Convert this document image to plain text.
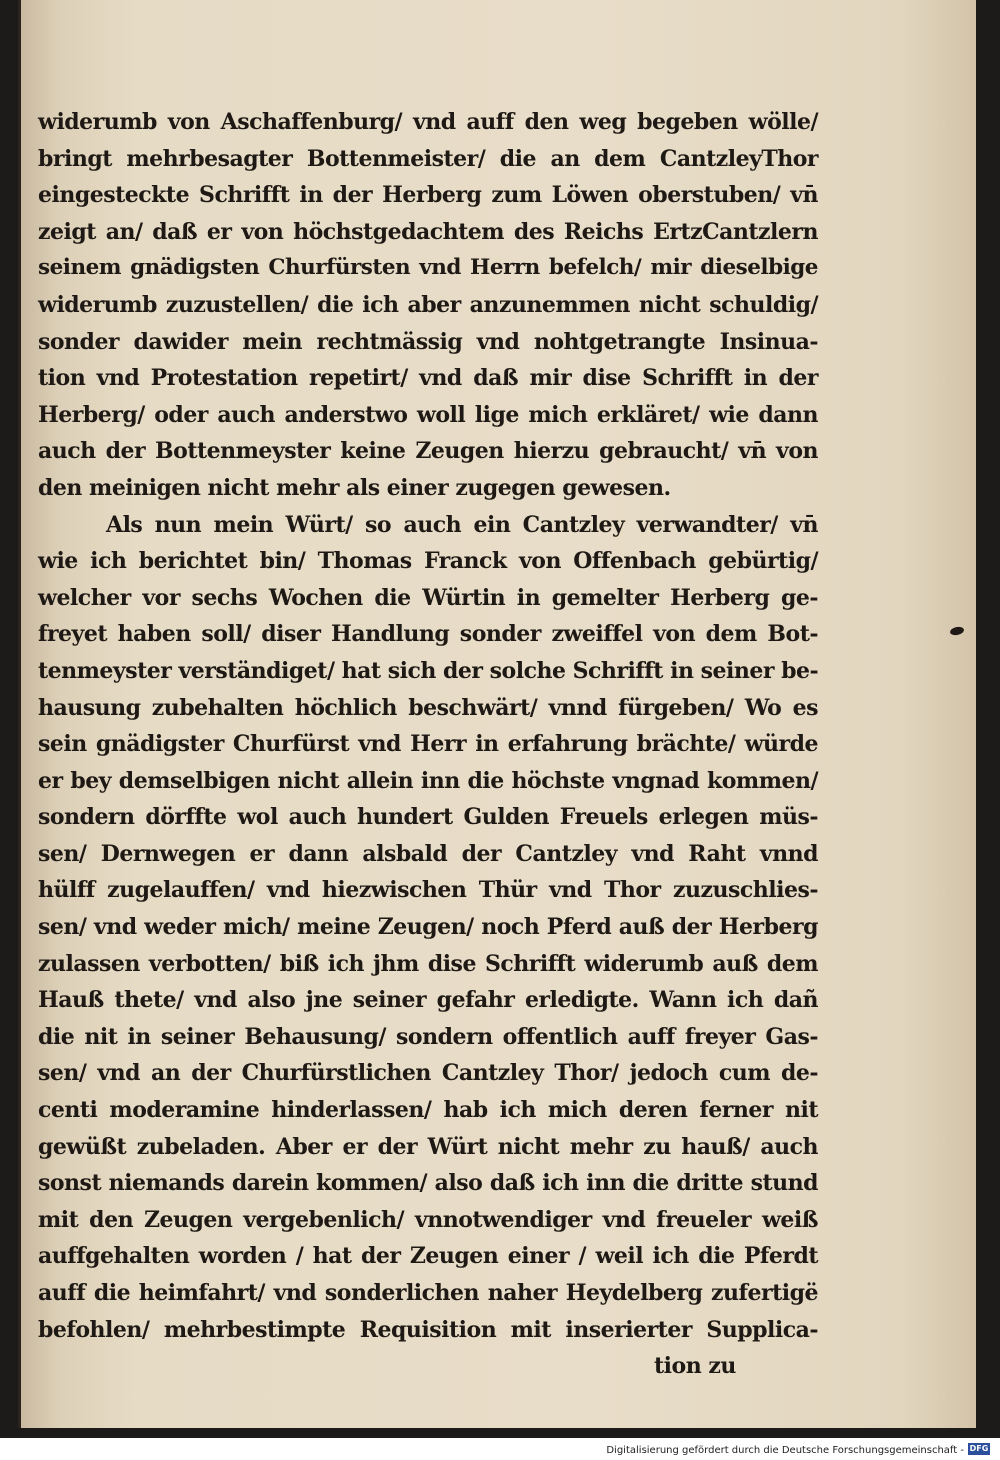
widerumb von Aschaffenburg/ vnd auff den weg begeben wölle/
bringt mehrbesagter Bottenmeister/ die an dem CantzleyThor
eingesteckte Schrifft in der Herberg zum Löwen oberstuben/ vn̄
zeigt an/ daß er von höchstgedachtem des Reichs ErtzCantzlern
seinem gnädigsten Churfürsten vnd Herrn befelch/ mir dieselbige
widerumb zuzustellen/ die ich aber anzunemmen nicht schuldig/
sonder dawider mein rechtmässig vnd nohtgetrangte Insinua-
tion vnd Protestation repetirt/ vnd daß mir dise Schrifft in der
Herberg/ oder auch anderstwo woll lige mich erkläret/ wie dann
auch der Bottenmeyster keine Zeugen hierzu gebraucht/ vn̄ von
den meinigen nicht mehr als einer zugegen gewesen.
Als nun mein Würt/ so auch ein Cantzley verwandter/ vn̄
wie ich berichtet bin/ Thomas Franck von Offenbach gebürtig/
welcher vor sechs Wochen die Würtin in gemelter Herberg ge-
freyet haben soll/ diser Handlung sonder zweiffel von dem Bot-
tenmeyster verständiget/ hat sich der solche Schrifft in seiner be-
hausung zubehalten höchlich beschwärt/ vnnd fürgeben/ Wo es
sein gnädigster Churfürst vnd Herr in erfahrung brächte/ würde
er bey demselbigen nicht allein inn die höchste vngnad kommen/
sondern dörffte wol auch hundert Gulden Freuels erlegen müs-
sen/ Dernwegen er dann alsbald der Cantzley vnd Raht vnnd
hülff zugelauffen/ vnd hiezwischen Thür vnd Thor zuzuschlies-
sen/ vnd weder mich/ meine Zeugen/ noch Pferd auß der Herberg
zulassen verbotten/ biß ich jhm dise Schrifft widerumb auß dem
Hauß thete/ vnd also jne seiner gefahr erledigte. Wann ich dañ
die nit in seiner Behausung/ sondern offentlich auff freyer Gas-
sen/ vnd an der Churfürstlichen Cantzley Thor/ jedoch cum de-
centi moderamine hinderlassen/ hab ich mich deren ferner nit
gewüßt zubeladen. Aber er der Würt nicht mehr zu hauß/ auch
sonst niemands darein kommen/ also daß ich inn die dritte stund
mit den Zeugen vergebenlich/ vnnotwendiger vnd freueler weiß
auffgehalten worden / hat der Zeugen einer / weil ich die Pferdt
auff die heimfahrt/ vnd sonderlichen naher Heydelberg zufertigë
befohlen/ mehrbestimpte Requisition mit inserierter Supplica-
tion zu
Digitalisierung gefördert durch die Deutsche Forschungsgemeinschaft - DFG
